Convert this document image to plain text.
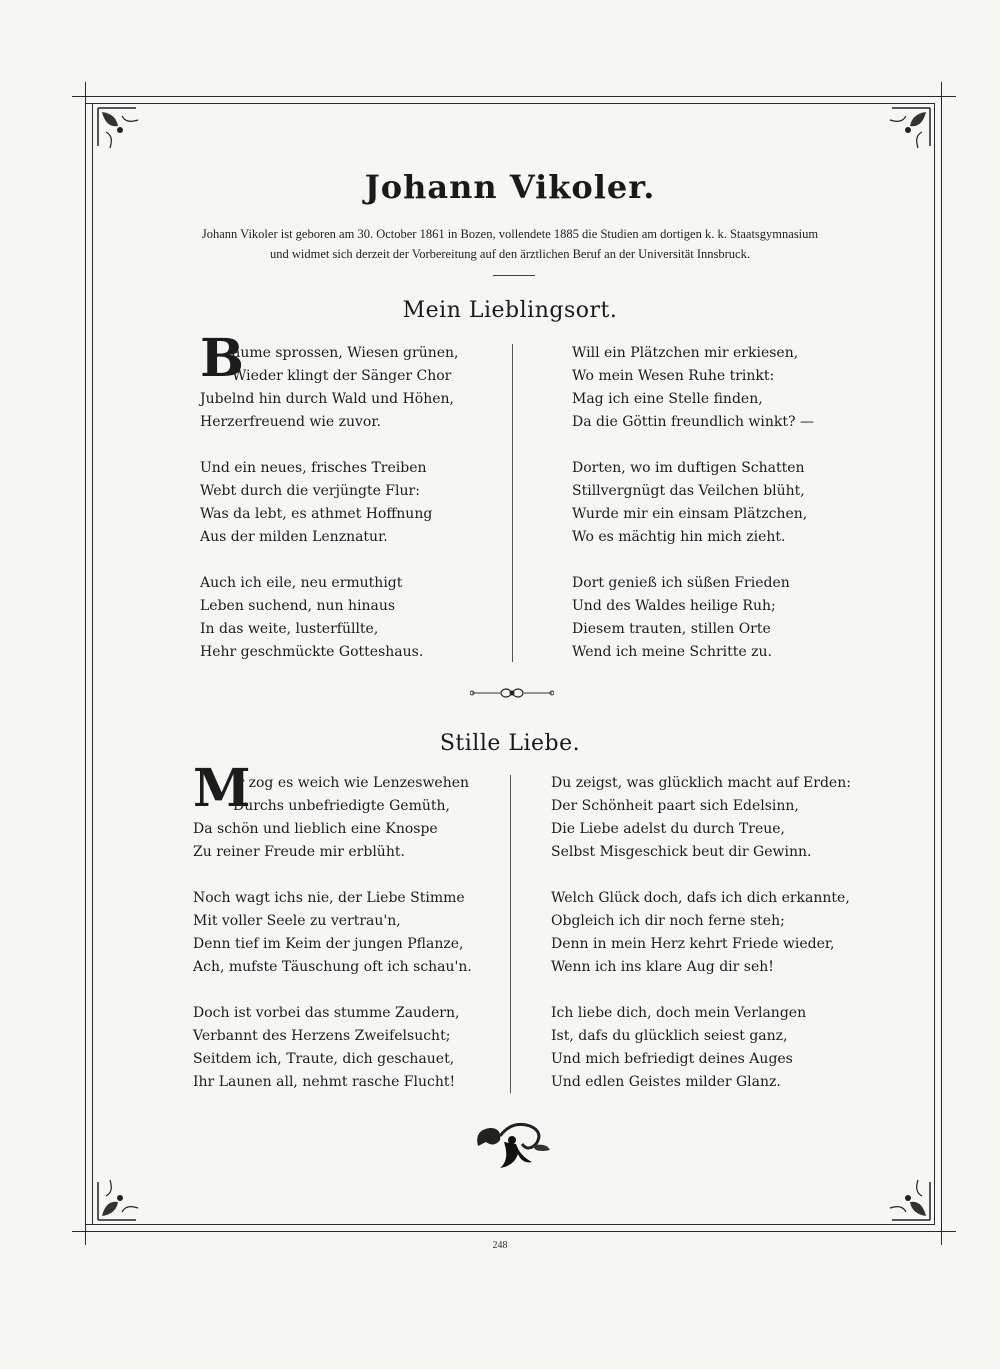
Johann Vikoler.
Johann Vikoler ist geboren am 30. October 1861 in Bozen, vollendete 1885 die Studien am dortigen k. k. Staatsgymnasium
und widmet sich derzeit der Vorbereitung auf den ärztlichen Beruf an der Universität Innsbruck.
Mein Lieblingsort.
B
äume sprossen, Wiesen grünen,
Wieder klingt der Sänger Chor
Jubelnd hin durch Wald und Höhen,
Herzerfreuend wie zuvor.
Und ein neues, frisches Treiben
Webt durch die verjüngte Flur:
Was da lebt, es athmet Hoffnung
Aus der milden Lenznatur.
Auch ich eile, neu ermuthigt
Leben suchend, nun hinaus
In das weite, lusterfüllte,
Hehr geschmückte Gotteshaus.
Will ein Plätzchen mir erkiesen,
Wo mein Wesen Ruhe trinkt:
Mag ich eine Stelle finden,
Da die Göttin freundlich winkt? —
Dorten, wo im duftigen Schatten
Stillvergnügt das Veilchen blüht,
Wurde mir ein einsam Plätzchen,
Wo es mächtig hin mich zieht.
Dort genieß ich süßen Frieden
Und des Waldes heilige Ruh;
Diesem trauten, stillen Orte
Wend ich meine Schritte zu.
Stille Liebe.
M
ir zog es weich wie Lenzeswehen
Durchs unbefriedigte Gemüth,
Da schön und lieblich eine Knospe
Zu reiner Freude mir erblüht.
Noch wagt ichs nie, der Liebe Stimme
Mit voller Seele zu vertrau'n,
Denn tief im Keim der jungen Pflanze,
Ach, mufste Täuschung oft ich schau'n.
Doch ist vorbei das stumme Zaudern,
Verbannt des Herzens Zweifelsucht;
Seitdem ich, Traute, dich geschauet,
Ihr Launen all, nehmt rasche Flucht!
Du zeigst, was glücklich macht auf Erden:
Der Schönheit paart sich Edelsinn,
Die Liebe adelst du durch Treue,
Selbst Misgeschick beut dir Gewinn.
Welch Glück doch, dafs ich dich erkannte,
Obgleich ich dir noch ferne steh;
Denn in mein Herz kehrt Friede wieder,
Wenn ich ins klare Aug dir seh!
Ich liebe dich, doch mein Verlangen
Ist, dafs du glücklich seiest ganz,
Und mich befriedigt deines Auges
Und edlen Geistes milder Glanz.
248
